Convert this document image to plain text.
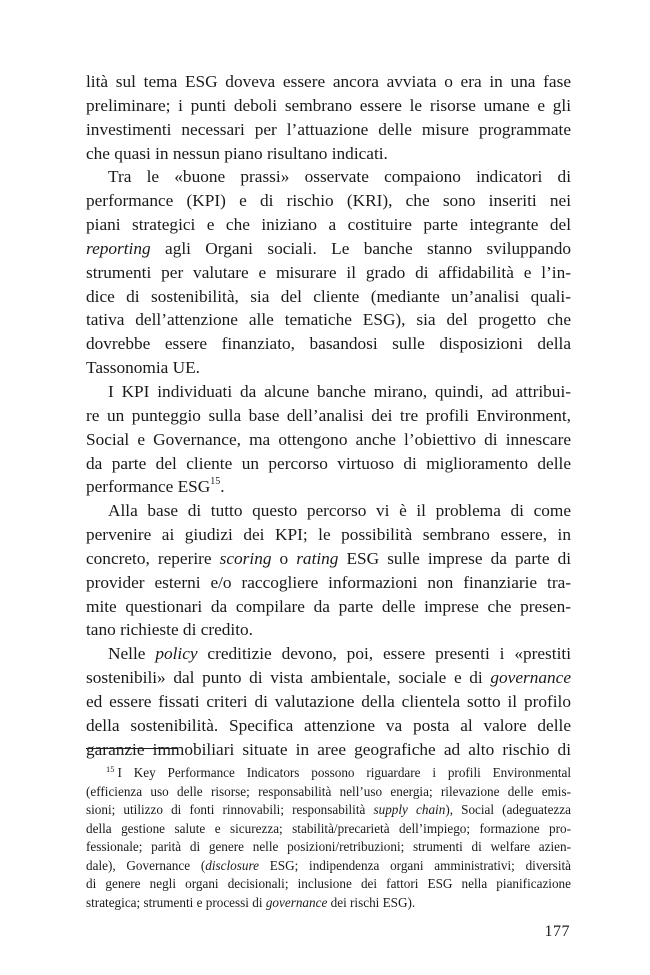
lità sul tema ESG doveva essere ancora avviata o era in una fase
preliminare; i punti deboli sembrano essere le risorse umane e gli
investimenti necessari per l’attuazione delle misure programmate
che quasi in nessun piano risultano indicati.
Tra le «buone prassi» osservate compaiono indicatori di
performance (KPI) e di rischio (KRI), che sono inseriti nei
piani strategici e che iniziano a costituire parte integrante del
reporting agli Organi sociali. Le banche stanno sviluppando
strumenti per valutare e misurare il grado di affidabilità e l’in-
dice di sostenibilità, sia del cliente (mediante un’analisi quali-
tativa dell’attenzione alle tematiche ESG), sia del progetto che
dovrebbe essere finanziato, basandosi sulle disposizioni della
Tassonomia UE.
I KPI individuati da alcune banche mirano, quindi, ad attribui-
re un punteggio sulla base dell’analisi dei tre profili Environment,
Social e Governance, ma ottengono anche l’obiettivo di innescare
da parte del cliente un percorso virtuoso di miglioramento delle
performance ESG$^{15}$.
Alla base di tutto questo percorso vi è il problema di come
pervenire ai giudizi dei KPI; le possibilità sembrano essere, in
concreto, reperire scoring o rating ESG sulle imprese da parte di
provider esterni e/o raccogliere informazioni non finanziarie tra-
mite questionari da compilare da parte delle imprese che presen-
tano richieste di credito.
Nelle policy creditizie devono, poi, essere presenti i «prestiti
sostenibili» dal punto di vista ambientale, sociale e di governance
ed essere fissati criteri di valutazione della clientela sotto il profilo
della sostenibilità. Specifica attenzione va posta al valore delle
garanzie immobiliari situate in aree geografiche ad alto rischio di
$^{15}$ I Key Performance Indicators possono riguardare i profili Environmental
(efficienza uso delle risorse; responsabilità nell’uso energia; rilevazione delle emis-
sioni; utilizzo di fonti rinnovabili; responsabilità supply chain), Social (adeguatezza
della gestione salute e sicurezza; stabilità/precarietà dell’impiego; formazione pro-
fessionale; parità di genere nelle posizioni/retribuzioni; strumenti di welfare azien-
dale), Governance (disclosure ESG; indipendenza organi amministrativi; diversità
di genere negli organi decisionali; inclusione dei fattori ESG nella pianificazione
strategica; strumenti e processi di governance dei rischi ESG).
177
